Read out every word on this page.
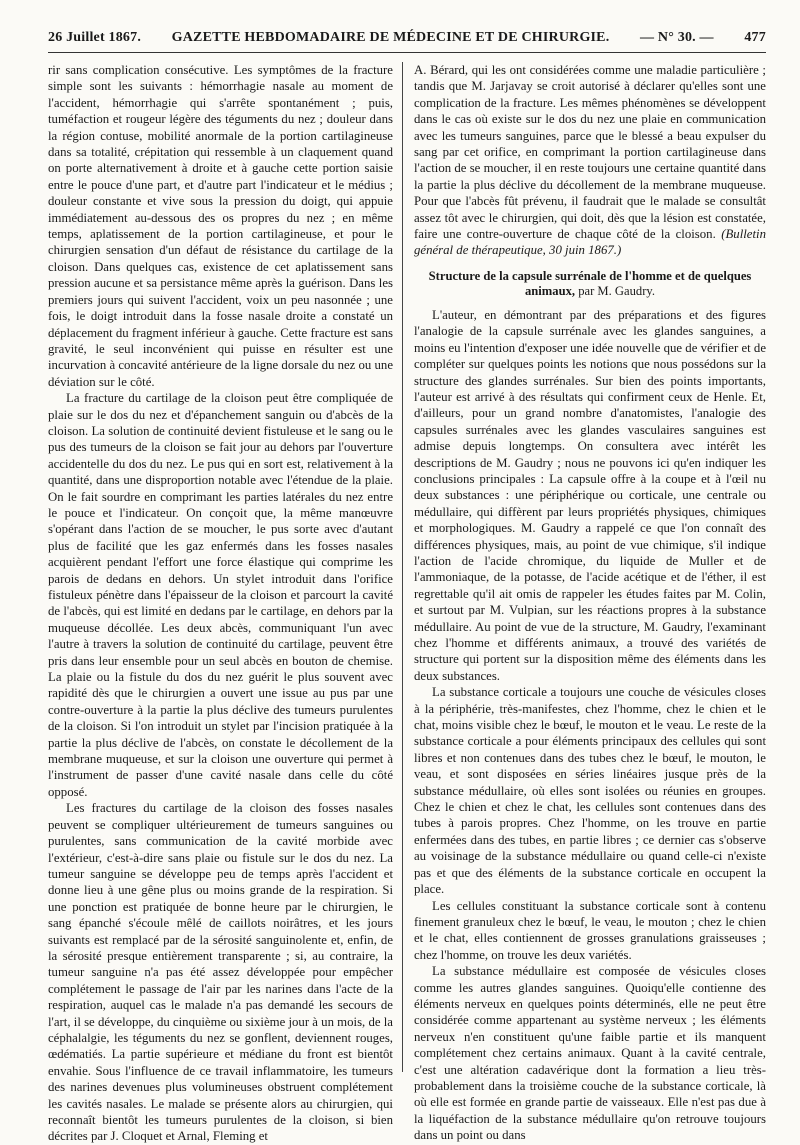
26 Juillet 1867. GAZETTE HEBDOMADAIRE DE MÉDECINE ET DE CHIRURGIE. — N° 30. — 477

rir sans complication consécutive. Les symptômes de la fracture simple sont les suivants : hémorrhagie nasale au moment de l'accident, hémorrhagie qui s'arrête spontanément ; puis, tuméfaction et rougeur légère des téguments du nez ; douleur dans la région contuse, mobilité anormale de la portion cartilagineuse dans sa totalité, crépitation qui ressemble à un claquement quand on porte alternativement à droite et à gauche cette portion saisie entre le pouce d'une part, et d'autre part l'indicateur et le médius ; douleur constante et vive sous la pression du doigt, qui appuie immédiatement au-dessous des os propres du nez ; en même temps, aplatissement de la portion cartilagineuse, et pour le chirurgien sensation d'un défaut de résistance du cartilage de la cloison. Dans quelques cas, existence de cet aplatissement sans pression aucune et sa persistance même après la guérison. Dans les premiers jours qui suivent l'accident, voix un peu nasonnée ; une fois, le doigt introduit dans la fosse nasale droite a constaté un déplacement du fragment inférieur à gauche. Cette fracture est sans gravité, le seul inconvénient qui puisse en résulter est une incurvation à concavité antérieure de la ligne dorsale du nez ou une déviation sur le côté.

La fracture du cartilage de la cloison peut être compliquée de plaie sur le dos du nez et d'épanchement sanguin ou d'abcès de la cloison. La solution de continuité devient fistuleuse et le sang ou le pus des tumeurs de la cloison se fait jour au dehors par l'ouverture accidentelle du dos du nez. Le pus qui en sort est, relativement à la quantité, dans une disproportion notable avec l'étendue de la plaie. On le fait sourdre en comprimant les parties latérales du nez entre le pouce et l'indicateur. On conçoit que, la même manœuvre s'opérant dans l'action de se moucher, le pus sorte avec d'autant plus de facilité que les gaz enfermés dans les fosses nasales acquièrent pendant l'effort une force élastique qui comprime les parois de dedans en dehors. Un stylet introduit dans l'orifice fistuleux pénètre dans l'épaisseur de la cloison et parcourt la cavité de l'abcès, qui est limité en dedans par le cartilage, en dehors par la muqueuse décollée. Les deux abcès, communiquant l'un avec l'autre à travers la solution de continuité du cartilage, peuvent être pris dans leur ensemble pour un seul abcès en bouton de chemise. La plaie ou la fistule du dos du nez guérit le plus souvent avec rapidité dès que le chirurgien a ouvert une issue au pus par une contre-ouverture à la partie la plus déclive des tumeurs purulentes de la cloison. Si l'on introduit un stylet par l'incision pratiquée à la partie la plus déclive de l'abcès, on constate le décollement de la membrane muqueuse, et sur la cloison une ouverture qui permet à l'instrument de passer d'une cavité nasale dans celle du côté opposé.

Les fractures du cartilage de la cloison des fosses nasales peuvent se compliquer ultérieurement de tumeurs sanguines ou purulentes, sans communication de la cavité morbide avec l'extérieur, c'est-à-dire sans plaie ou fistule sur le dos du nez. La tumeur sanguine se développe peu de temps après l'accident et donne lieu à une gêne plus ou moins grande de la respiration. Si une ponction est pratiquée de bonne heure par le chirurgien, le sang épanché s'écoule mêlé de caillots noirâtres, et les jours suivants est remplacé par de la sérosité sanguinolente et, enfin, de la sérosité presque entièrement transparente ; si, au contraire, la tumeur sanguine n'a pas été assez développée pour empêcher complétement le passage de l'air par les narines dans l'acte de la respiration, auquel cas le malade n'a pas demandé les secours de l'art, il se développe, du cinquième ou sixième jour à un mois, de la céphalalgie, les téguments du nez se gonflent, deviennent rouges, œdématiés. La partie supérieure et médiane du front est bientôt envahie. Sous l'influence de ce travail inflammatoire, les tumeurs des narines devenues plus volumineuses obstruent complétement les cavités nasales. Le malade se présente alors au chirurgien, qui reconnaît bientôt les tumeurs purulentes de la cloison, si bien décrites par J. Cloquet et Arnal, Fleming et

A. Bérard, qui les ont considérées comme une maladie particulière ; tandis que M. Jarjavay se croit autorisé à déclarer qu'elles sont une complication de la fracture. Les mêmes phénomènes se développent dans le cas où existe sur le dos du nez une plaie en communication avec les tumeurs sanguines, parce que le blessé a beau expulser du sang par cet orifice, en comprimant la portion cartilagineuse dans l'action de se moucher, il en reste toujours une certaine quantité dans la partie la plus déclive du décollement de la membrane muqueuse. Pour que l'abcès fût prévenu, il faudrait que le malade se consultât assez tôt avec le chirurgien, qui doit, dès que la lésion est constatée, faire une contre-ouverture de chaque côté de la cloison. (Bulletin général de thérapeutique, 30 juin 1867.)

Structure de la capsule surrénale de l'homme et de quelques animaux, par M. Gaudry.

L'auteur, en démontrant par des préparations et des figures l'analogie de la capsule surrénale avec les glandes sanguines, a moins eu l'intention d'exposer une idée nouvelle que de vérifier et de compléter sur quelques points les notions que nous possédons sur la structure des glandes surrénales. Sur bien des points importants, l'auteur est arrivé à des résultats qui confirment ceux de Henle. Et, d'ailleurs, pour un grand nombre d'anatomistes, l'analogie des capsules surrénales avec les glandes vasculaires sanguines est admise depuis longtemps. On consultera avec intérêt les descriptions de M. Gaudry ; nous ne pouvons ici qu'en indiquer les conclusions principales : La capsule offre à la coupe et à l'œil nu deux substances : une périphérique ou corticale, une centrale ou médullaire, qui diffèrent par leurs propriétés physiques, chimiques et morphologiques. M. Gaudry a rappelé ce que l'on connaît des différences physiques, mais, au point de vue chimique, s'il indique l'action de l'acide chromique, du liquide de Muller et de l'ammoniaque, de la potasse, de l'acide acétique et de l'éther, il est regrettable qu'il ait omis de rappeler les études faites par M. Colin, et surtout par M. Vulpian, sur les réactions propres à la substance médullaire. Au point de vue de la structure, M. Gaudry, l'examinant chez l'homme et différents animaux, a trouvé des variétés de structure qui portent sur la disposition même des éléments dans les deux substances.

La substance corticale a toujours une couche de vésicules closes à la périphérie, très-manifestes, chez l'homme, chez le chien et le chat, moins visible chez le bœuf, le mouton et le veau. Le reste de la substance corticale a pour éléments principaux des cellules qui sont libres et non contenues dans des tubes chez le bœuf, le mouton, le veau, et sont disposées en séries linéaires jusque près de la substance médullaire, où elles sont isolées ou réunies en groupes. Chez le chien et chez le chat, les cellules sont contenues dans des tubes à parois propres. Chez l'homme, on les trouve en partie enfermées dans des tubes, en partie libres ; ce dernier cas s'observe au voisinage de la substance médullaire ou quand celle-ci n'existe pas et que des éléments de la substance corticale en occupent la place.

Les cellules constituant la substance corticale sont à contenu finement granuleux chez le bœuf, le veau, le mouton ; chez le chien et le chat, elles contiennent de grosses granulations graisseuses ; chez l'homme, on trouve les deux variétés.

La substance médullaire est composée de vésicules closes comme les autres glandes sanguines. Quoiqu'elle contienne des éléments nerveux en quelques points déterminés, elle ne peut être considérée comme appartenant au système nerveux ; les éléments nerveux n'en constituent qu'une faible partie et ils manquent complétement chez certains animaux. Quant à la cavité centrale, c'est une altération cadavérique dont la formation a lieu très-probablement dans la troisième couche de la substance corticale, là où elle est formée en grande partie de vaisseaux. Elle n'est pas due à la liquéfaction de la substance médullaire qu'on retrouve toujours dans un point ou dans
